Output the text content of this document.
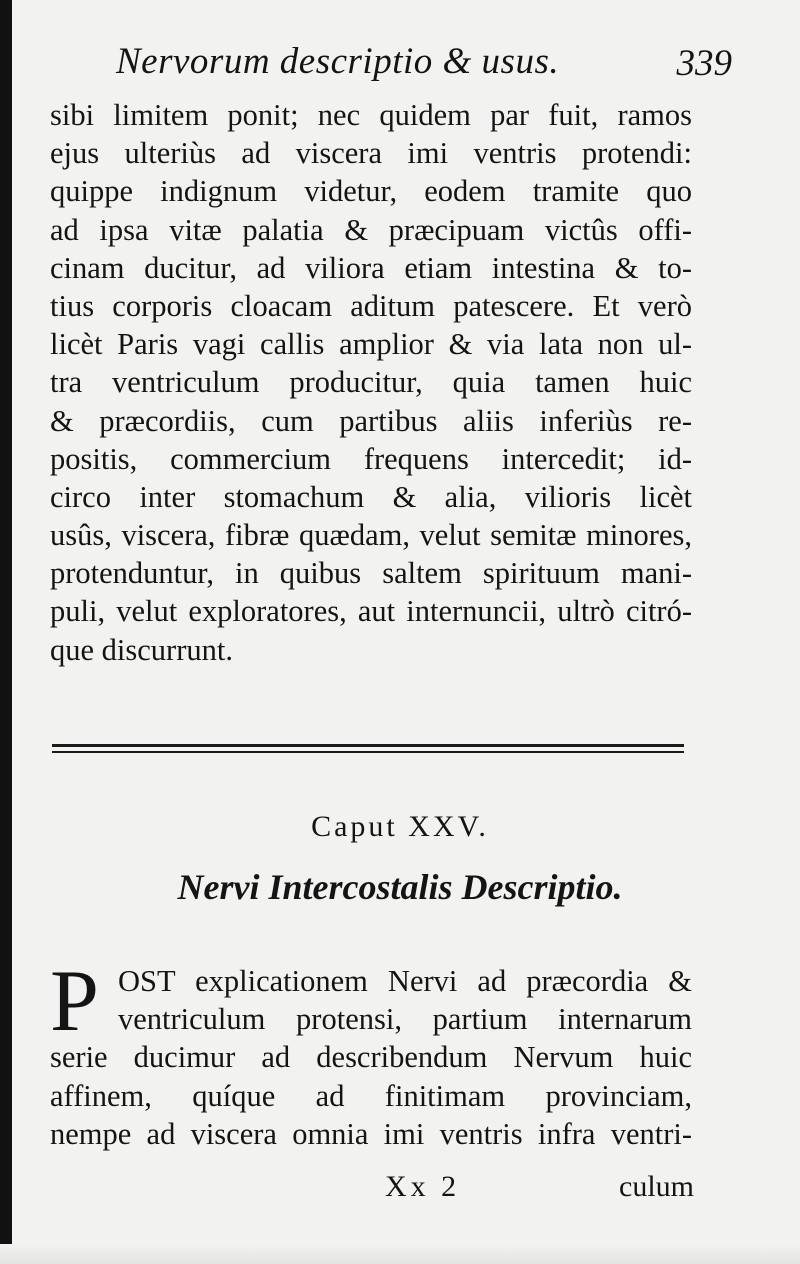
Nervorum descriptio & usus.	339
sibi limitem ponit; nec quidem par fuit, ramos
ejus ulteriùs ad viscera imi ventris protendi:
quippe indignum videtur, eodem tramite quo
ad ipsa vitæ palatia & præcipuam victûs offi-
cinam ducitur, ad viliora etiam intestina & to-
tius corporis cloacam aditum patescere. Et verò
licèt Paris vagi callis amplior & via lata non ul-
tra ventriculum producitur, quia tamen huic
& præcordiis, cum partibus aliis inferiùs re-
positis, commercium frequens intercedit; id-
circo inter stomachum & alia, vilioris licèt
usûs, viscera, fibræ quædam, velut semitæ minores,
protenduntur, in quibus saltem spirituum mani-
puli, velut exploratores, aut internuncii, ultrò citró-
que discurrunt.
Caput XXV.
Nervi Intercostalis Descriptio.
P OST explicationem Nervi ad præcordia &
ventriculum protensi, partium internarum
serie ducimur ad describendum Nervum huic
affinem, quíque ad finitimam provinciam,
nempe ad viscera omnia imi ventris infra ventri-
Xx 2	culum
